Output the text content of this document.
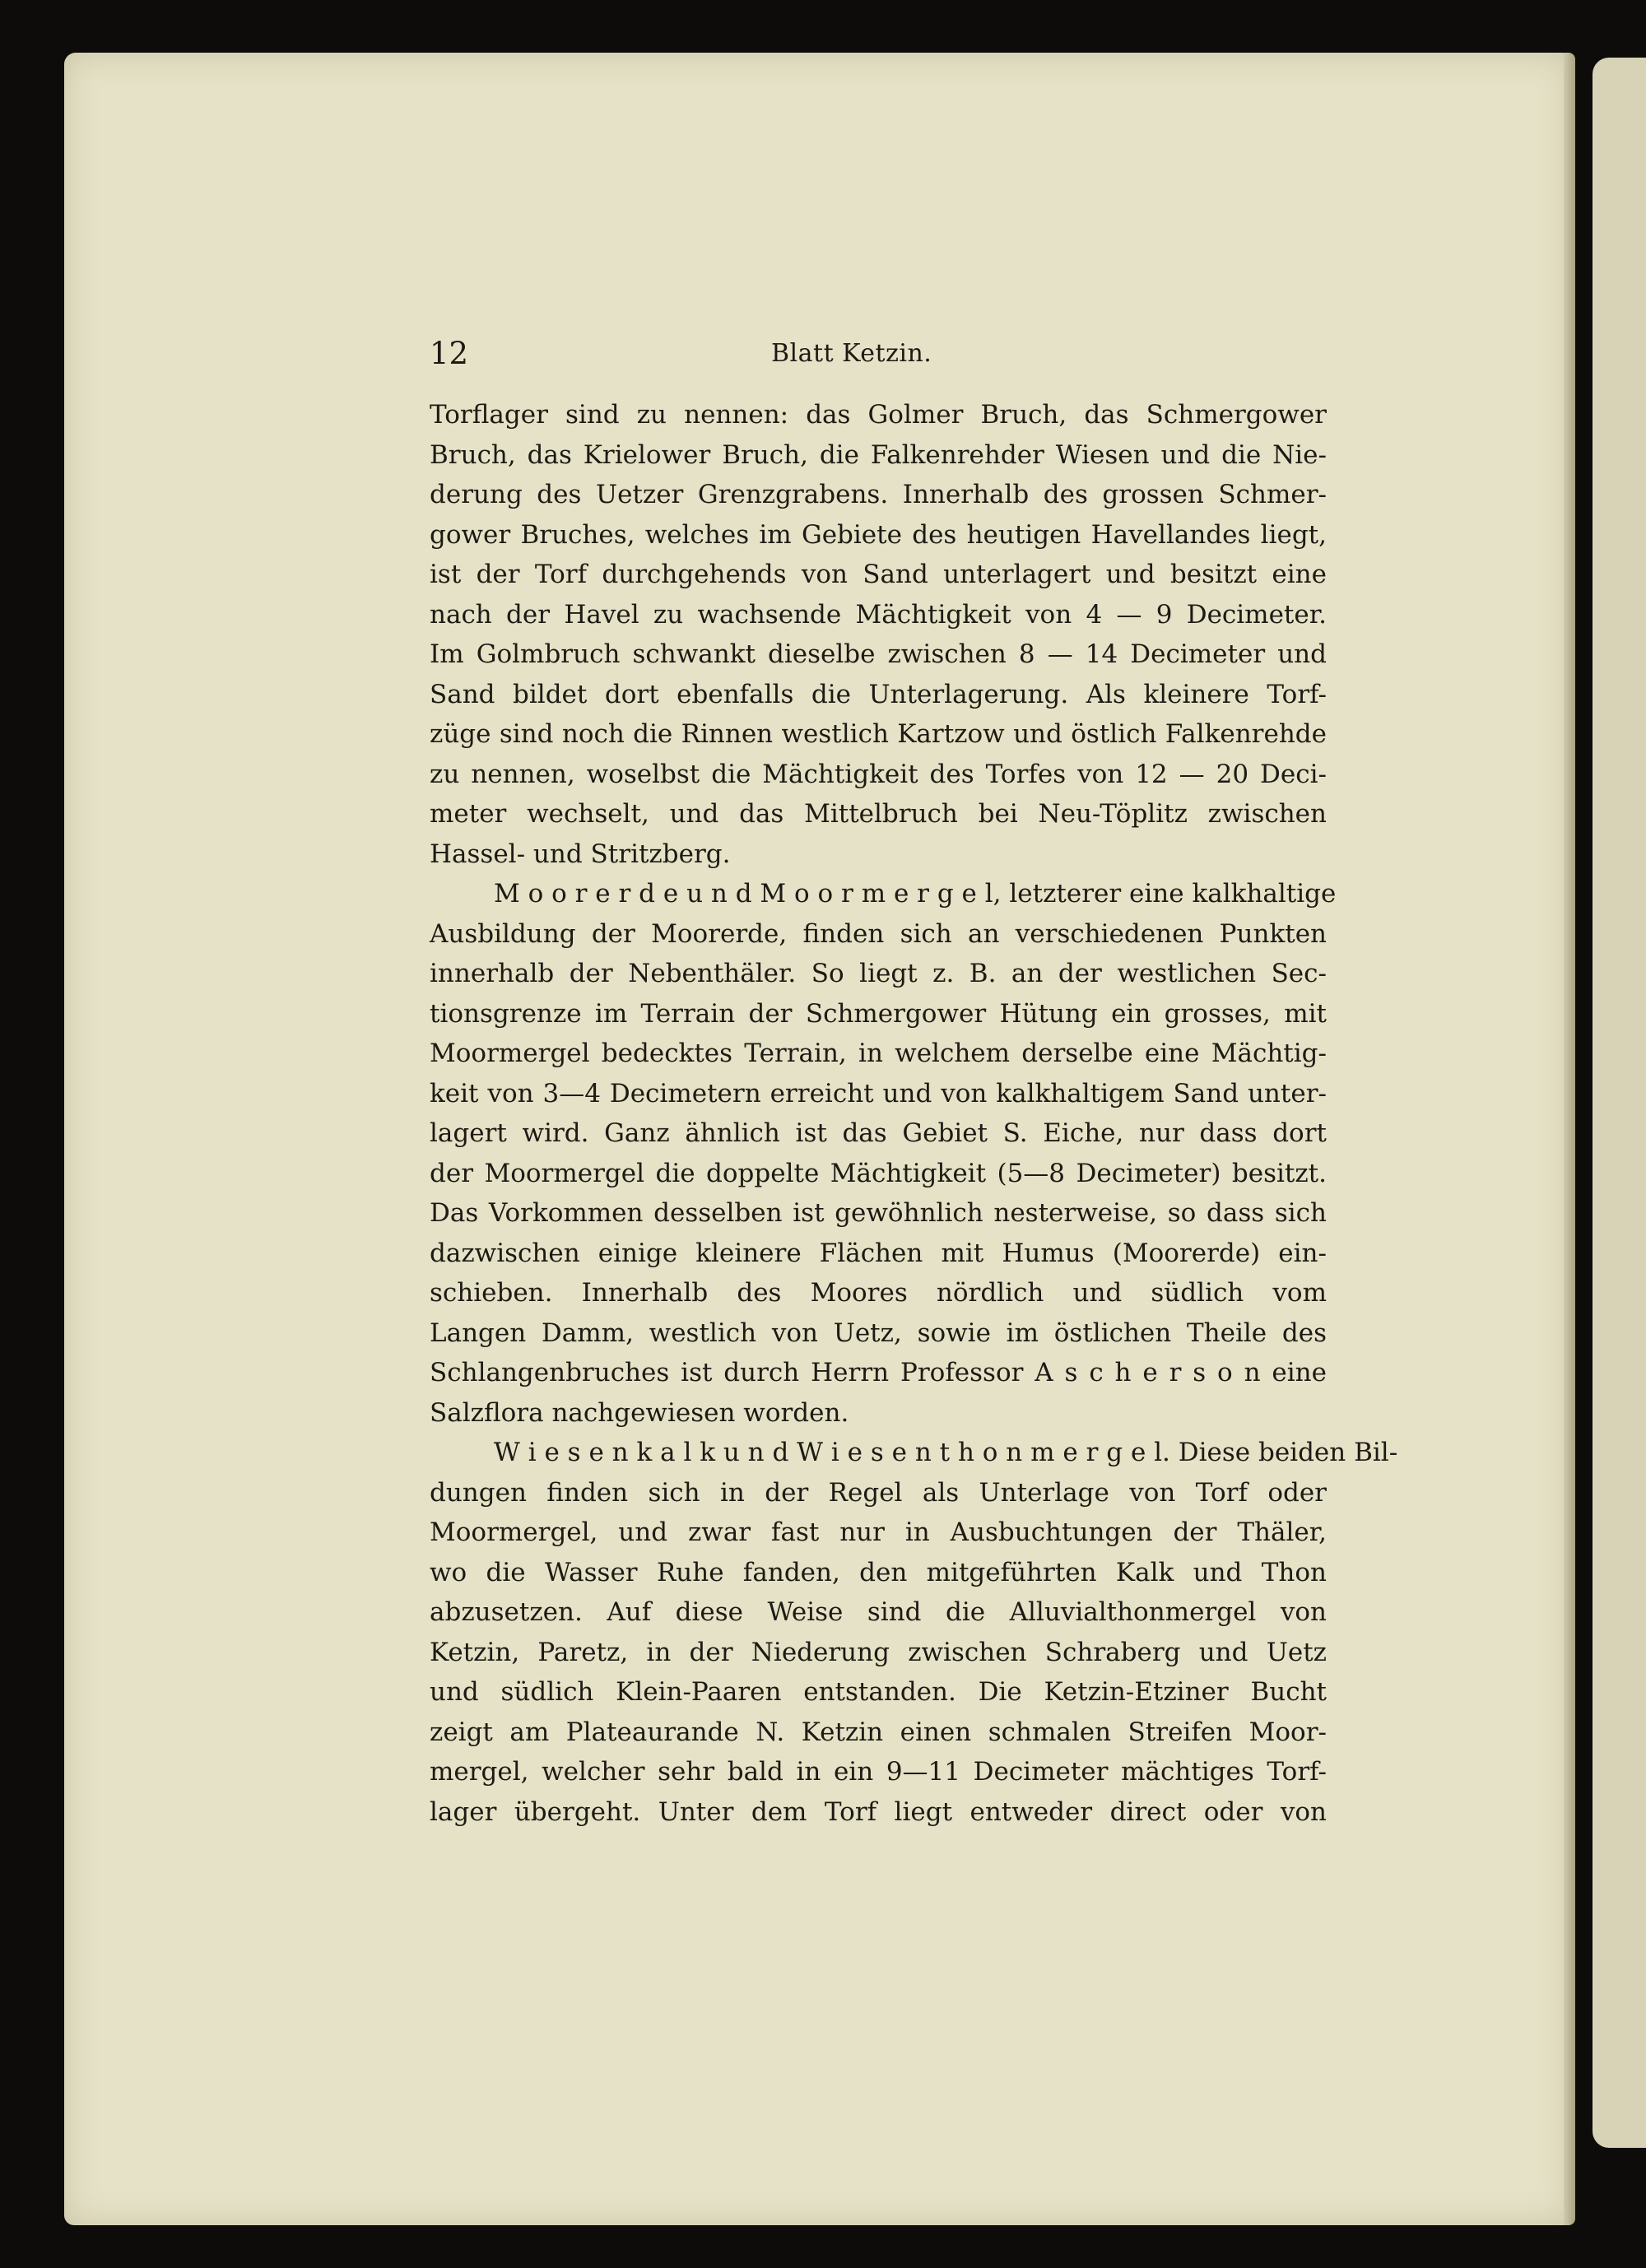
12	Blatt Ketzin.
Torflager sind zu nennen: das Golmer Bruch, das Schmergower
Bruch, das Krielower Bruch, die Falkenrehder Wiesen und die Nie-
derung des Uetzer Grenzgrabens. Innerhalb des grossen Schmer-
gower Bruches, welches im Gebiete des heutigen Havellandes liegt,
ist der Torf durchgehends von Sand unterlagert und besitzt eine
nach der Havel zu wachsende Mächtigkeit von 4 — 9 Decimeter.
Im Golmbruch schwankt dieselbe zwischen 8 — 14 Decimeter und
Sand bildet dort ebenfalls die Unterlagerung. Als kleinere Torf-
züge sind noch die Rinnen westlich Kartzow und östlich Falkenrehde
zu nennen, woselbst die Mächtigkeit des Torfes von 12 — 20 Deci-
meter wechselt, und das Mittelbruch bei Neu-Töplitz zwischen
Hassel- und Stritzberg.
M o o r e r d e u n d M o o r m e r g e l, letzterer eine kalkhaltige
Ausbildung der Moorerde, finden sich an verschiedenen Punkten
innerhalb der Nebenthäler. So liegt z. B. an der westlichen Sec-
tionsgrenze im Terrain der Schmergower Hütung ein grosses, mit
Moormergel bedecktes Terrain, in welchem derselbe eine Mächtig-
keit von 3—4 Decimetern erreicht und von kalkhaltigem Sand unter-
lagert wird. Ganz ähnlich ist das Gebiet S. Eiche, nur dass dort
der Moormergel die doppelte Mächtigkeit (5—8 Decimeter) besitzt.
Das Vorkommen desselben ist gewöhnlich nesterweise, so dass sich
dazwischen einige kleinere Flächen mit Humus (Moorerde) ein-
schieben. Innerhalb des Moores nördlich und südlich vom
Langen Damm, westlich von Uetz, sowie im östlichen Theile des
Schlangenbruches ist durch Herrn Professor A s c h e r s o n eine
Salzflora nachgewiesen worden.
W i e s e n k a l k u n d W i e s e n t h o n m e r g e l. Diese beiden Bil-
dungen finden sich in der Regel als Unterlage von Torf oder
Moormergel, und zwar fast nur in Ausbuchtungen der Thäler,
wo die Wasser Ruhe fanden, den mitgeführten Kalk und Thon
abzusetzen. Auf diese Weise sind die Alluvialthonmergel von
Ketzin, Paretz, in der Niederung zwischen Schraberg und Uetz
und südlich Klein-Paaren entstanden. Die Ketzin-Etziner Bucht
zeigt am Plateaurande N. Ketzin einen schmalen Streifen Moor-
mergel, welcher sehr bald in ein 9—11 Decimeter mächtiges Torf-
lager übergeht. Unter dem Torf liegt entweder direct oder von
